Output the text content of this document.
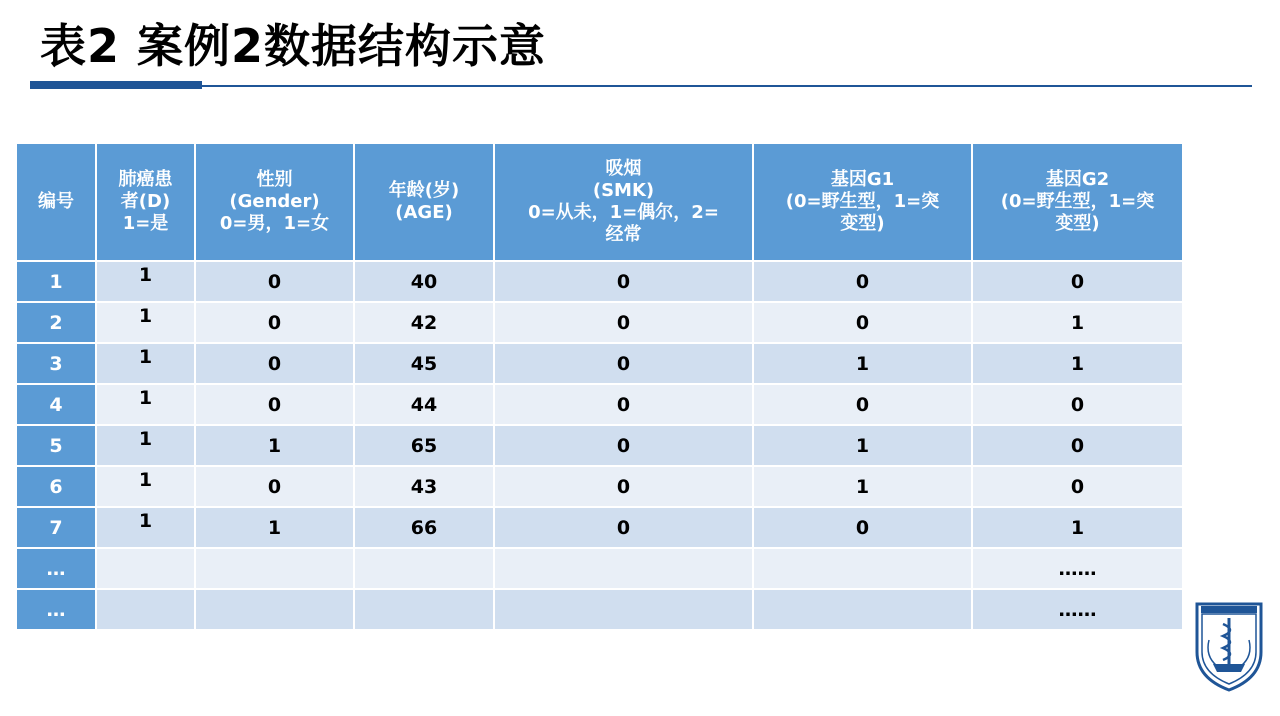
表2 案例2数据结构示意
编号	肺癌患
者(D)
1=是	性别
(Gender)
0=男，1=女	年龄(岁)
(AGE)	吸烟
(SMK)
0=从未，1=偶尔，2=
经常	基因G1
(0=野生型，1=突
变型)	基因G2
(0=野生型，1=突
变型)

1	1	0	40	0	0	0
2	1	0	42	0	0	1
3	1	0	45	0	1	1
4	1	0	44	0	0	0
5	1	1	65	0	1	0
6	1	0	43	0	1	0
7	1	1	66	0	0	1
…						……
…						……
